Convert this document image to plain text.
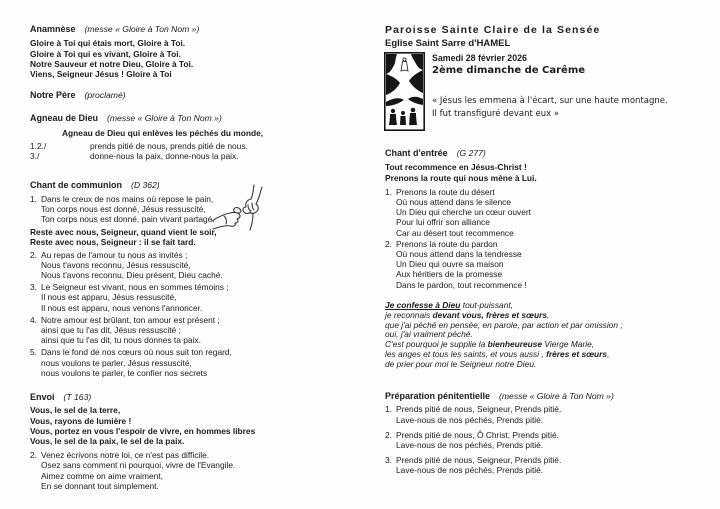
Anamnèse (messe « Gloire à Ton Nom »)
Gloire à Toi qui étais mort, Gloire à Toi.
Gloire à Toi qui es vivant, Gloire à Toi.
Notre Sauveur et notre Dieu, Gloire à Toi.
Viens, Seigneur Jésus ! Gloire à Toi
Notre Père (proclamé)
Agneau de Dieu (messe « Gloire à Ton Nom »)
Agneau de Dieu qui enlèves les péchés du monde,
1.2./	prends pitié de nous, prends pitié de nous.
3./	donne-nous la paix, donne-nous la paix.
Chant de communion (D 362)
1. Dans le creux de nos mains où repose le pain,
Ton corps nous est donné, Jésus ressuscité,
Ton corps nous est donné, pain vivant partagé.
Reste avec nous, Seigneur, quand vient le soir,
Reste avec nous, Seigneur : il se fait tard.
2. Au repas de l'amour tu nous as invités ;
Nous t'avons reconnu, Jésus ressuscité,
Nous t'avons reconnu, Dieu présent, Dieu caché.
3. Le Seigneur est vivant, nous en sommes témoins ;
Il nous est apparu, Jésus ressuscité,
Il nous est apparu, nous venons l'annoncer.
4. Notre amour est brûlant, ton amour est présent ;
ainsi que tu l'as dit, Jésus ressuscité ;
ainsi que tu l'as dit, tu nous donnes ta paix.
5. Dans le fond de nos cœurs où nous suit ton regard,
nous voulons te parler, Jésus ressuscité,
nous voulons te parler, te confier nos secrets
Envoi (T 163)
Vous, le sel de la terre,
Vous, rayons de lumière !
Vous, portez en vous l'espoir de vivre, en hommes libres
Vous, le sel de la paix, le sel de la paix.
2. Venez écrivons notre loi, ce n'est pas difficile.
Osez sans comment ni pourquoi, vivre de l'Evangile.
Aimez comme on aime vraiment,
En se donnant tout simplement.
Paroisse Sainte Claire de la Sensée
Eglise Saint Sarre d'HAMEL
Samedi 28 février 2026
2ème dimanche de Carême
« Jésus les emmena à l'écart, sur une haute montagne.
Il fut transfiguré devant eux »
Chant d'entrée (G 277)
Tout recommence en Jésus-Christ !
Prenons la route qui nous mène à Lui.
1. Prenons la route du désert
Où nous attend dans le silence
Un Dieu qui cherche un cœur ouvert
Pour lui offrir son alliance
Car au désert tout recommence
2. Prenons la route du pardon
Où nous attend dans la tendresse
Un Dieu qui ouvre sa maison
Aux héritiers de la promesse
Dans le pardon, tout recommence !
Je confesse à Dieu tout-puissant,
je reconnais devant vous, frères et sœurs,
que j'ai péché en pensée, en parole, par action et par omission ;
oui, j'ai vraiment péché.
C'est pourquoi je supplie la bienheureuse Vierge Marie,
les anges et tous les saints, et vous aussi , frères et sœurs,
de prier pour moi le Seigneur notre Dieu.
Préparation pénitentielle (messe « Gloire à Ton Nom »)
1. Prends pitié de nous, Seigneur, Prends pitié.
Lave-nous de nos péchés, Prends pitié.
2. Prends pitié de nous, Ô Christ, Prends pitié.
Lave-nous de nos péchés, Prends pitié.
3. Prends pitié de nous, Seigneur, Prends pitié.
Lave-nous de nos péchés, Prends pitié.
